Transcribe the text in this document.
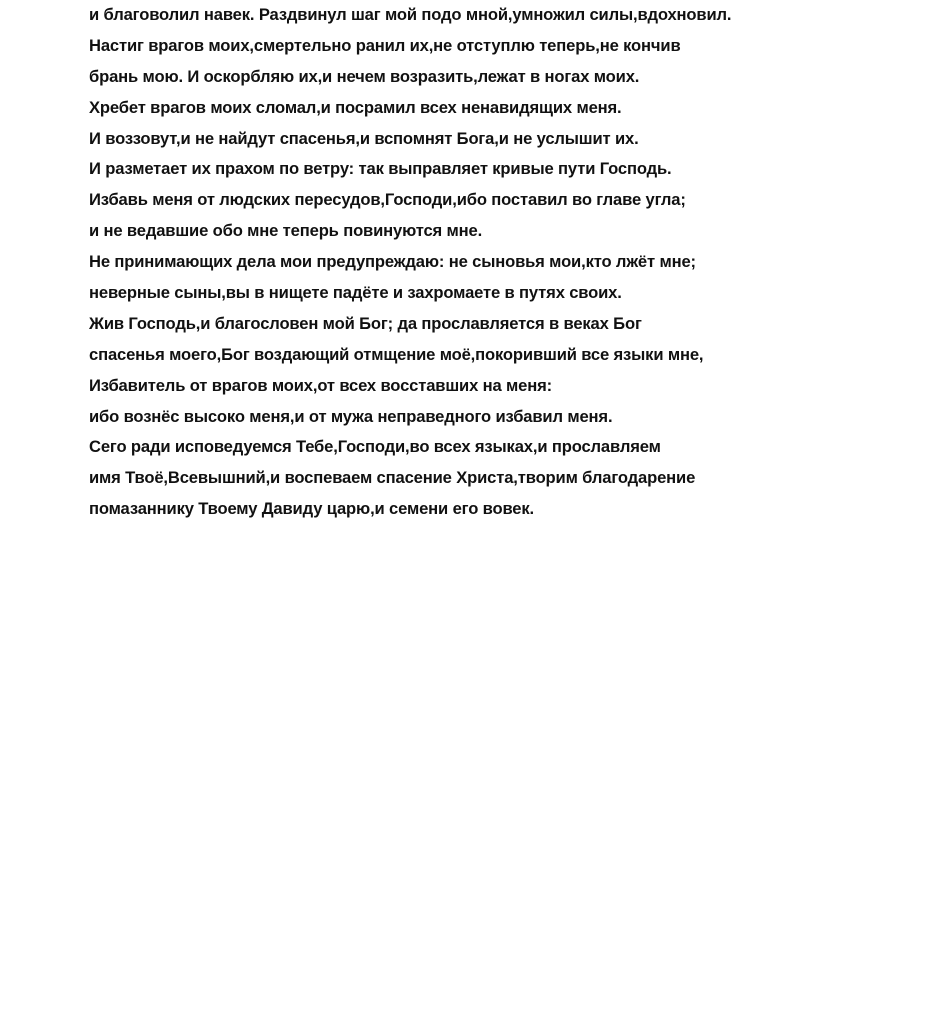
и благоволил навек. Раздвинул шаг мой подо мной,умножил силы,вдохновил.
Настиг врагов моих,смертельно ранил их,не отступлю теперь,не кончив
брань мою. И оскорбляю их,и нечем возразить,лежат в ногах моих.
Хребет врагов моих сломал,и посрамил всех ненавидящих меня.
И воззовут,и не найдут спасенья,и вспомнят Бога,и не услышит их.
И разметает их прахом по ветру: так выправляет кривые пути Господь.
Избавь меня от людских пересудов,Господи,ибо поставил во главе угла;
и не ведавшие обо мне теперь повинуются мне.
Не принимающих дела мои предупреждаю: не сыновья мои,кто лжёт мне;
неверные сыны,вы в нищете падёте и захромаете в путях своих.
Жив Господь,и благословен мой Бог; да прославляется в веках Бог
спасенья моего,Бог воздающий отмщение моё,покоривший все языки мне,
Избавитель от врагов моих,от всех восставших на меня:
ибо вознёс высоко меня,и от мужа неправедного избавил меня.
Сего ради исповедуемся Тебе,Господи,во всех языках,и прославляем
имя Твоё,Всевышний,и воспеваем спасение Христа,творим благодарение
помазаннику Твоему Давиду царю,и семени его вовек.
